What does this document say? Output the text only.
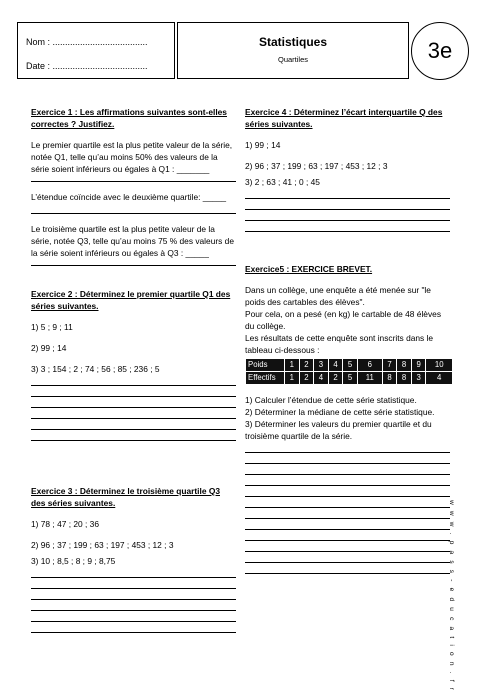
Nom : ......................................
Date : ......................................
Statistiques
Quartiles	3e

Exercice 1 : Les affirmations suivantes sont-elles correctes ? Justifiez.

Le premier quartile est la plus petite valeur de la série, notée Q1, telle qu’au moins 50% des valeurs de la série soient inférieurs ou égales à Q1 : _______

L’étendue coïncide avec le deuxième quartile: _____

Le troisième quartile est la plus petite valeur de la série, notée Q3, telle qu’au moins 75 % des valeurs de la série soient inférieurs ou égales à Q3 : _____

Exercice 2 : Déterminez le premier quartile Q1 des séries suivantes.

1) 5 ; 9 ; 11

2) 99 ; 14

3) 3 ; 154 ; 2 ; 74 ; 56 ; 85 ; 236 ; 5

Exercice 3 : Déterminez le troisième quartile Q3 des séries suivantes.

1) 78 ; 47 ; 20 ; 36

2) 96 ; 37 ; 199 ; 63 ; 197 ; 453 ; 12 ; 3

3) 10 ; 8,5 ; 8 ; 9 ; 8,75

Exercice 4 : Déterminez l’écart interquartile Q des séries suivantes.

1) 99 ; 14

2) 96 ; 37 ; 199 ; 63 ; 197 ; 453 ; 12 ; 3

3) 2 ; 63 ; 41 ; 0 ; 45

Exercice5 : EXERCICE BREVET.

Dans un collège, une enquête a été menée sur "le poids des cartables des élèves".

Pour cela, on a pesé (en kg) le cartable de 48 élèves du collège.

Les résultats de cette enquête sont inscrits dans le tableau ci-dessous :

Poids	1	2	3	4	5	6	7	8	9	10
Effectifs	1	2	4	2	5	11	8	8	3	4

1) Calculer l’étendue de cette série statistique.

2) Déterminer la médiane de cette série statistique.

3) Déterminer les valeurs du premier quartile et du troisième quartile de la série.

w w w . p a s s - e d u c a t i o n . f r
